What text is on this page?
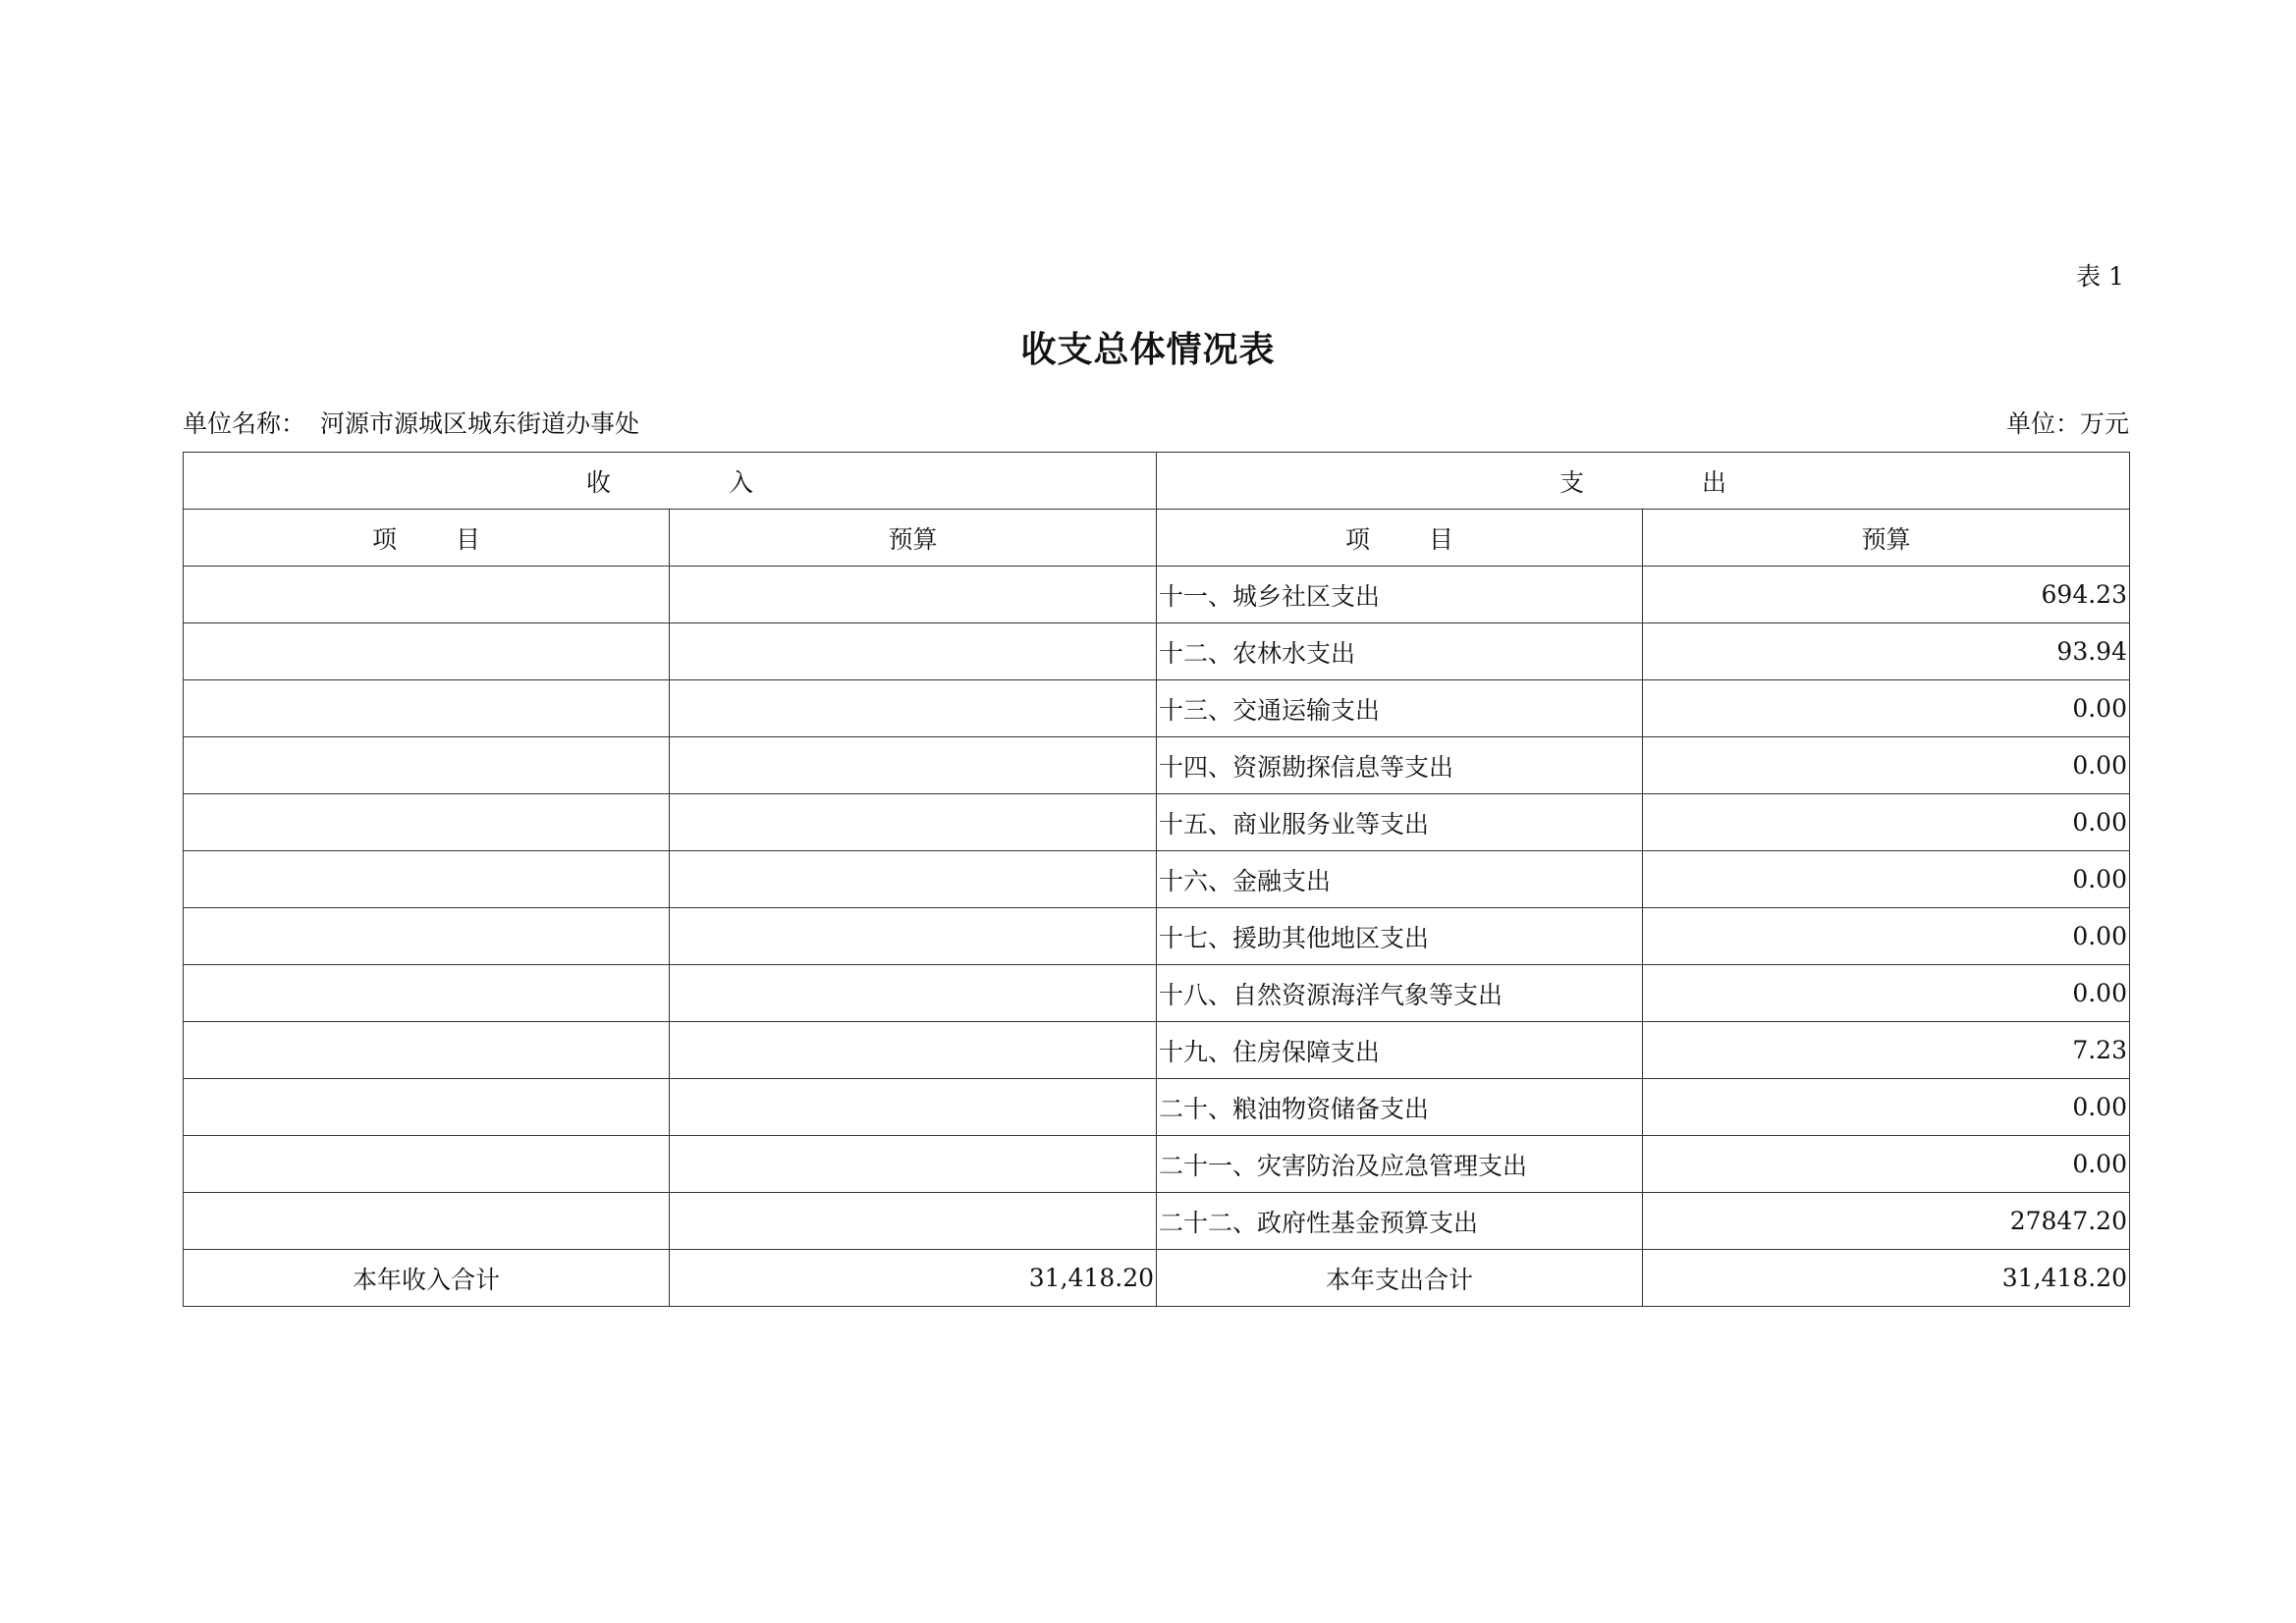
表 1
收支总体情况表
单位名称： 河源市源城区城东街道办事处	单位：万元
收 入		支 出	
项 目	预算	项 目	预算
		十一、城乡社区支出	694.23
		十二、农林水支出	93.94
		十三、交通运输支出	0.00
		十四、资源勘探信息等支出	0.00
		十五、商业服务业等支出	0.00
		十六、金融支出	0.00
		十七、援助其他地区支出	0.00
		十八、自然资源海洋气象等支出	0.00
		十九、住房保障支出	7.23
		二十、粮油物资储备支出	0.00
		二十一、灾害防治及应急管理支出	0.00
		二十二、政府性基金预算支出	27847.20
本年收入合计	31,418.20	本年支出合计	31,418.20
